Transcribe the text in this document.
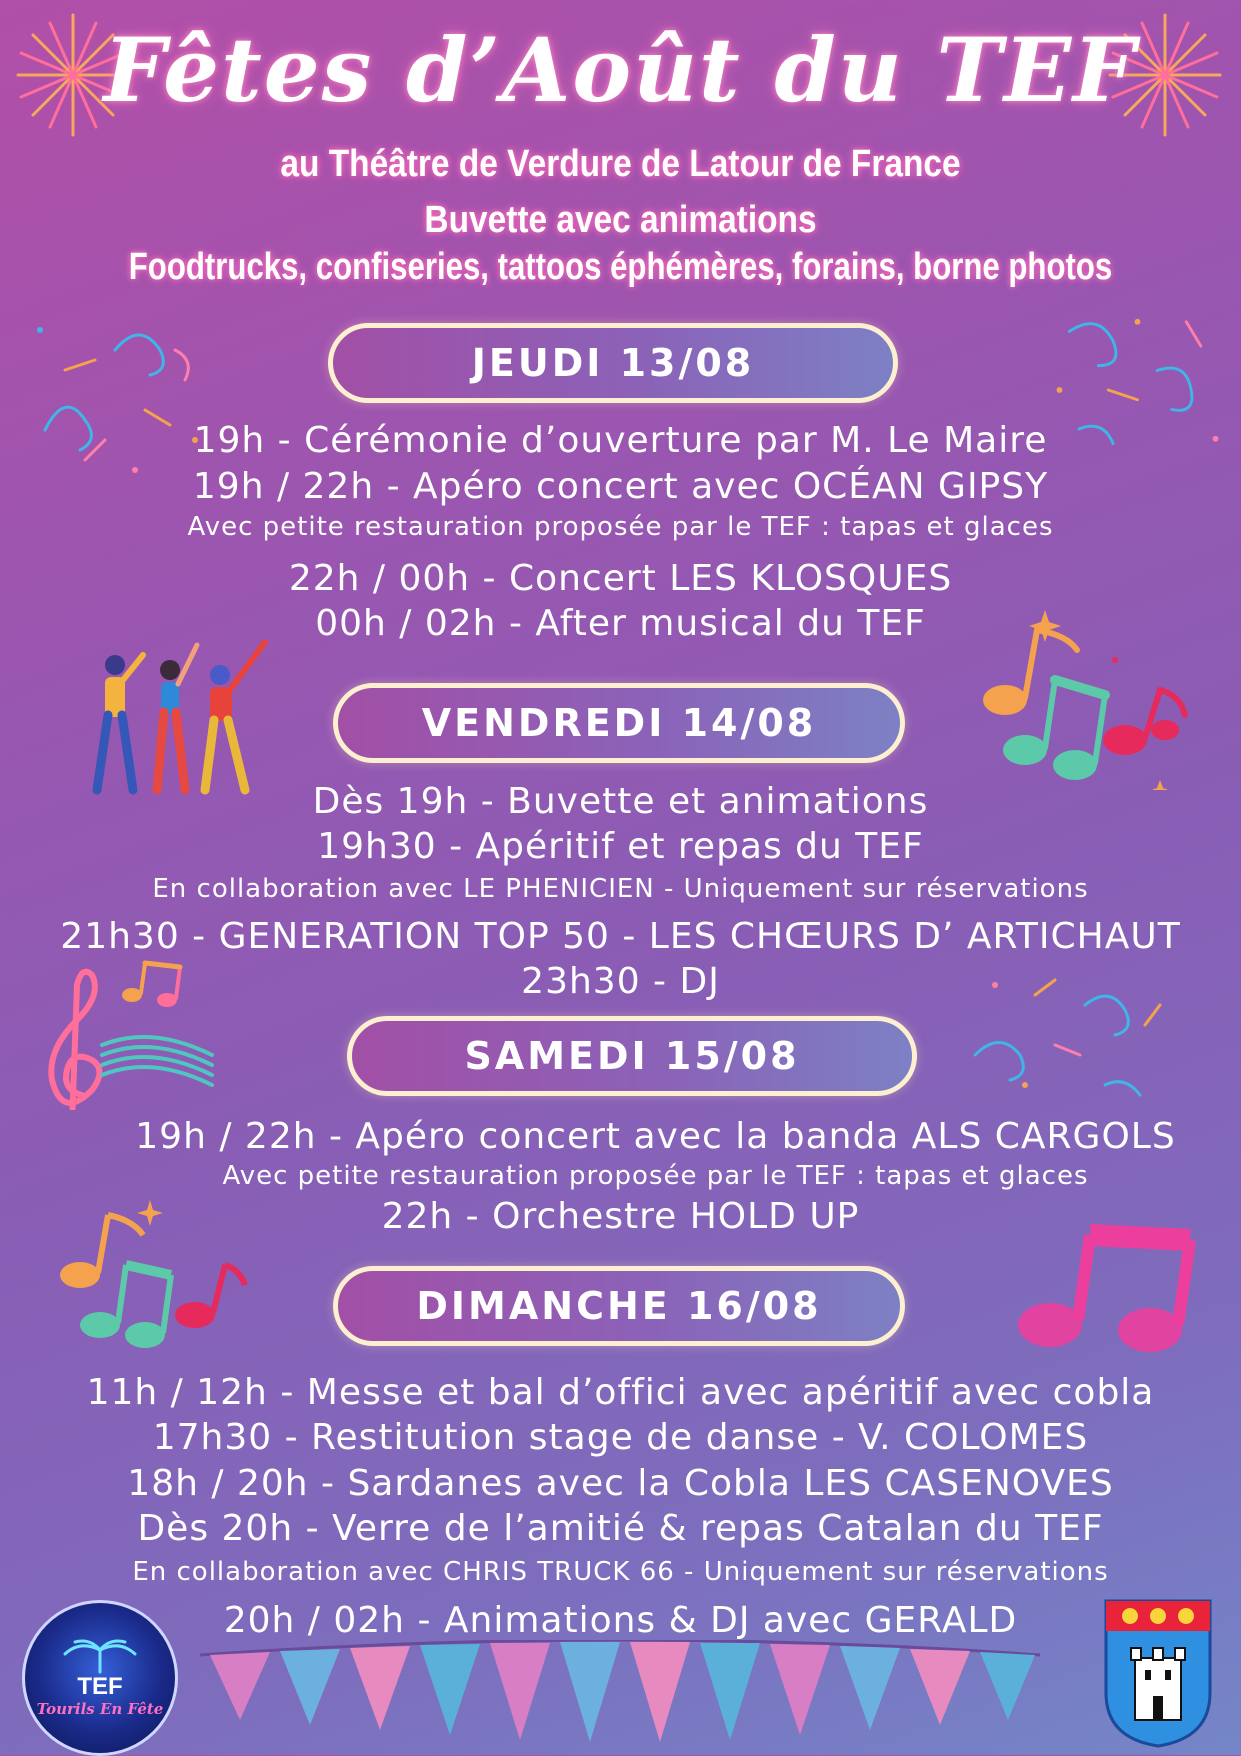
Fêtes d’Août du TEF
au Théâtre de Verdure de Latour de France
Buvette avec animations
Foodtrucks, confiseries, tattoos éphémères, forains, borne photos
JEUDI 13/08
19h - Cérémonie d’ouverture par M. Le Maire
19h / 22h - Apéro concert avec OCÉAN GIPSY
Avec petite restauration proposée par le TEF : tapas et glaces
22h / 00h - Concert LES KLOSQUES
00h / 02h - After musical du TEF
VENDREDI 14/08
Dès 19h - Buvette et animations
19h30 - Apéritif et repas du TEF
En collaboration avec LE PHENICIEN - Uniquement sur réservations
21h30 - GENERATION TOP 50 - LES CHŒURS D’ ARTICHAUT
23h30 - DJ
SAMEDI 15/08
19h / 22h - Apéro concert avec la banda ALS CARGOLS
Avec petite restauration proposée par le TEF : tapas et glaces
22h - Orchestre HOLD UP
DIMANCHE 16/08
11h / 12h - Messe et bal d’offici avec apéritif avec cobla
17h30 - Restitution stage de danse - V. COLOMES
18h / 20h - Sardanes avec la Cobla LES CASENOVES
Dès 20h - Verre de l’amitié & repas Catalan du TEF
En collaboration avec CHRIS TRUCK 66 - Uniquement sur réservations
20h / 02h - Animations & DJ avec GERALD
TEF
Tourils En Fête
